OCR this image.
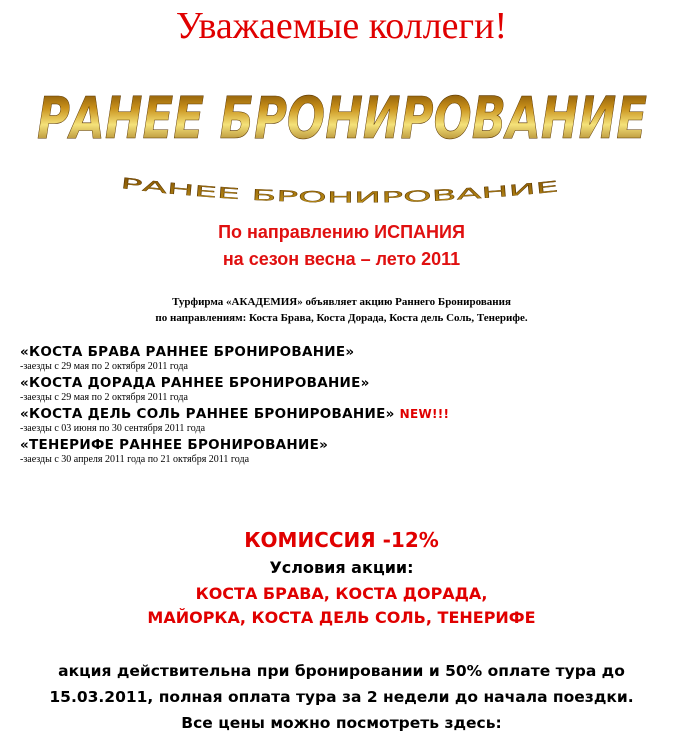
Уважаемые коллеги!
РАНЕЕ БРОНИРОВАНИЕ
РАНЕЕ БРОНИРОВАНИЕ
По направлению ИСПАНИЯ
на сезон весна – лето 2011
Турфирма «АКАДЕМИЯ» объявляет акцию Раннего Бронирования
по направлениям: Коста Брава, Коста Дорада, Коста дель Соль, Тенерифе.
«КОСТА БРАВА РАННЕЕ БРОНИРОВАНИЕ»
-заезды с 29 мая по 2 октября 2011 года
«КОСТА ДОРАДА РАННЕЕ БРОНИРОВАНИЕ»
-заезды с 29 мая по 2 октября 2011 года
«КОСТА ДЕЛЬ СОЛЬ РАННЕЕ БРОНИРОВАНИЕ» NEW!!!
-заезды с 03 июня по 30 сентября 2011 года
«ТЕНЕРИФЕ РАННЕЕ БРОНИРОВАНИЕ»
-заезды с 30 апреля 2011 года по 21 октября 2011 года
КОМИССИЯ -12%
Условия акции:
КОСТА БРАВА, КОСТА ДОРАДА,
МАЙОРКА, КОСТА ДЕЛЬ СОЛЬ, ТЕНЕРИФЕ
акция действительна при бронировании и 50% оплате тура до
15.03.2011, полная оплата тура за 2 недели до начала поездки.
Все цены можно посмотреть здесь:
